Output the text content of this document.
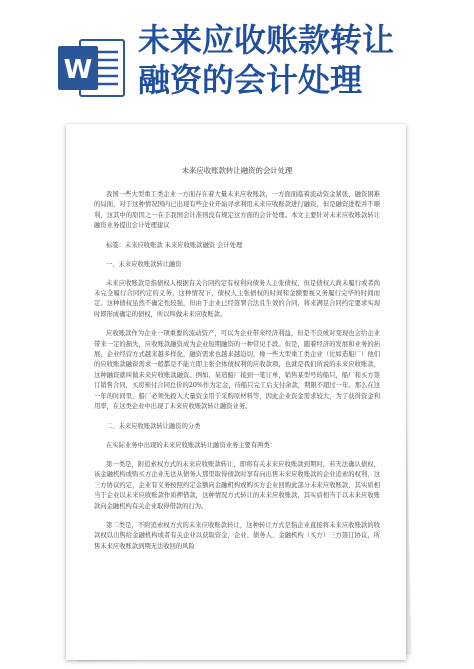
W
未来应收账款转让
融资的会计处理
未来应收账款转让融资的会计处理

我国一些大型重工类企业一方面存在着大量未来应收账款，一方面面临着流动资金紧张、融资困难的局面，对于这种情况国内已出现有些企业开始寻求利用未来应收账款进行融资，但是融资进程并不顺利，这其中的原因之一在于我国会计准则没有规定这方面的会计处理。本文主要针对未来应收账款转让融资业务提出会计处理建议

标签：未来应收账款 未来应收账款融资 会计处理
一、未来应收账款转让融资

未来应收账款是指债权人根据有关合同约定有权利向债务人主张债权，但是债权人尚未履行或者尚未完全履行合同约定的义务，这种情况下，债权人主张债权的时间和金额要视义务履行完毕的时间而定。这种债权虽然不确定性较强，但由于企业已经签署合法且生效的合同，将来满足合同约定要求实现时即形成确定的债权，所以叫做未来应收账款。

应收账款作为企业一项重要的流动资产，可以为企业带来经济利益，但是不良或对变现也会给企业带来一定的损失，应收账款融资成为企业短期融资的一种常见手段。但是，随着经济的发展和业务的拓展，企业经营方式越来越多样化，融资需求也越来越迫切，像一些大型重工类企业（比如造船厂）他们的应收账款融资需求一般都是不能立即主张全体债权利的应收款项，也就是我们所说的未来应收账款，这种融资就叫做未来应收账款融资。例如，某造船厂接到一笔订单，销售某型号的船只，船厂和买方签订销售合同，买房预付合同总价的20%作为定金，待船只完工后支付余款，期限不超过一年。那么在这一年的时间里，船厂必须先投入大量资金用于采购原材料等，因此企业资金需求较大，为了获得资金利用率，在这类企业中出现了未来应收账款转让融资业务。

二、未来应收账款转让融资的分类

在实际业务中出现的未来应收账款转让融资业务主要有两类：

第一类是，附追索权方式的未来应收账款转让，即将有关未来应收账款到期时，若无法确认债权，该金融机构或购买方企业无法从债务人那里取得债款时享有向出售未来应收账款的企业追索的权利，这三方协议约定，企业有义务按照约定金额向金融机构或购买方企业回购此部分未来应收账款，其实质相当于企业以未来应收账款作质押借款，这种情况方式转让的未来应收账款，其实质相当于以未来应收账款向金融机构有关企业取得借款的行为。

第二类是，不附追索权方式的未来应收账款转让，这种转让方式是指企业直接将未来应收账款的收款权以出售给金融机构或者有关企业以获取资金，企业、债务人、金融机构（买方）三方签订协议，所售未来应收账款到期无法收回的风险
